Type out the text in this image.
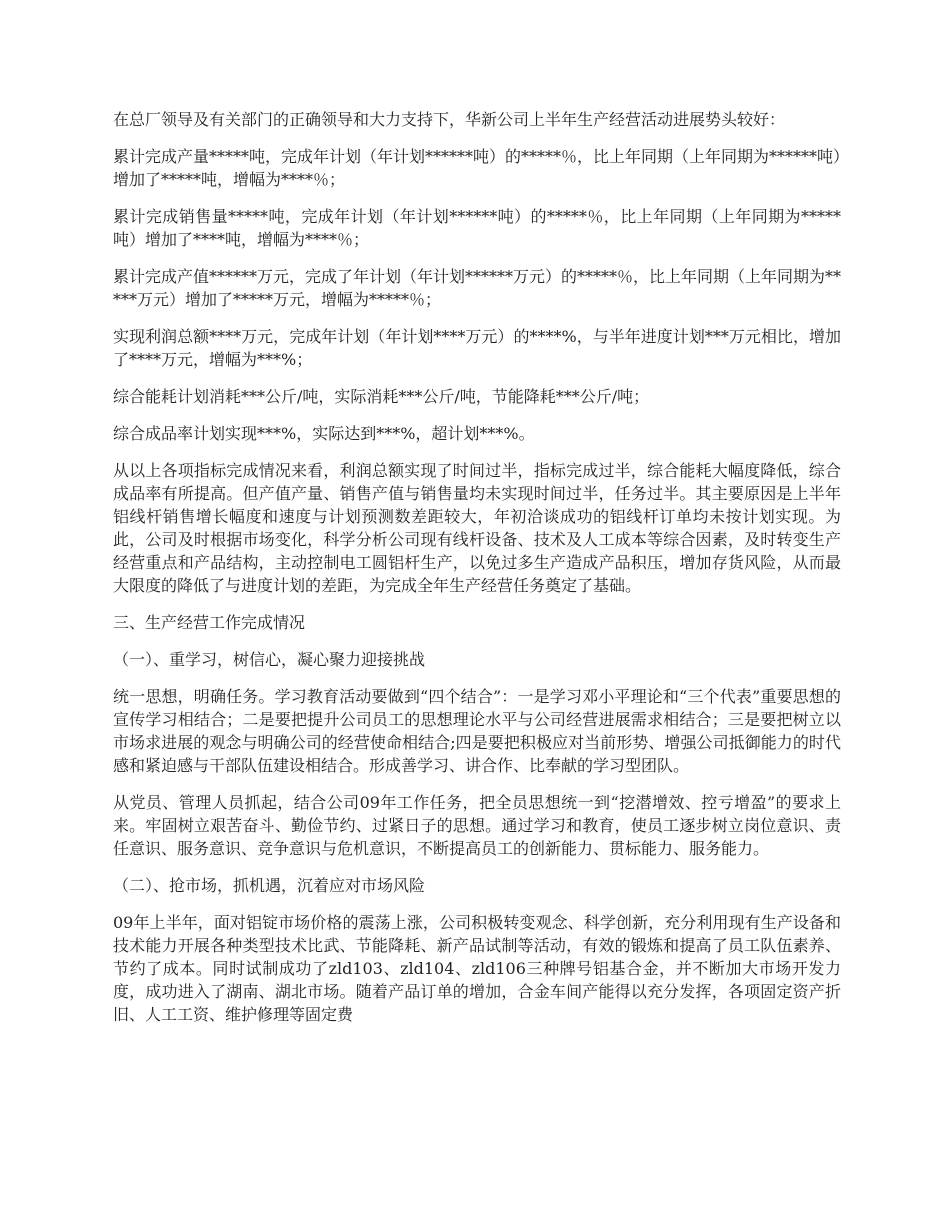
在总厂领导及有关部门的正确领导和大力支持下，华新公司上半年生产经营活动进展势头较好：

累计完成产量*****吨，完成年计划（年计划******吨）的*****％，比上年同期（上年同期为******吨）增加了*****吨，增幅为****％；

累计完成销售量*****吨，完成年计划（年计划******吨）的*****％，比上年同期（上年同期为*****吨）增加了****吨，增幅为****％；

累计完成产值******万元，完成了年计划（年计划******万元）的*****％，比上年同期（上年同期为*****万元）增加了*****万元，增幅为*****％；

实现利润总额****万元，完成年计划（年计划****万元）的****%，与半年进度计划***万元相比，增加了****万元，增幅为***%；

综合能耗计划消耗***公斤/吨，实际消耗***公斤/吨，节能降耗***公斤/吨；

综合成品率计划实现***%，实际达到***%，超计划***%。

从以上各项指标完成情况来看，利润总额实现了时间过半，指标完成过半，综合能耗大幅度降低，综合成品率有所提高。但产值产量、销售产值与销售量均未实现时间过半，任务过半。其主要原因是上半年铝线杆销售增长幅度和速度与计划预测数差距较大，年初洽谈成功的铝线杆订单均未按计划实现。为此，公司及时根据市场变化，科学分析公司现有线杆设备、技术及人工成本等综合因素，及时转变生产经营重点和产品结构，主动控制电工圆铝杆生产，以免过多生产造成产品积压，增加存货风险，从而最大限度的降低了与进度计划的差距，为完成全年生产经营任务奠定了基础。

三、生产经营工作完成情况

（一）、重学习，树信心，凝心聚力迎接挑战

统一思想，明确任务。学习教育活动要做到“四个结合”：一是学习邓小平理论和“三个代表”重要思想的宣传学习相结合；二是要把提升公司员工的思想理论水平与公司经营进展需求相结合；三是要把树立以市场求进展的观念与明确公司的经营使命相结合;四是要把积极应对当前形势、增强公司抵御能力的时代感和紧迫感与干部队伍建设相结合。形成善学习、讲合作、比奉献的学习型团队。

从党员、管理人员抓起，结合公司09年工作任务，把全员思想统一到“挖潜增效、控亏增盈”的要求上来。牢固树立艰苦奋斗、勤俭节约、过紧日子的思想。通过学习和教育，使员工逐步树立岗位意识、责任意识、服务意识、竞争意识与危机意识，不断提高员工的创新能力、贯标能力、服务能力。

（二）、抢市场，抓机遇，沉着应对市场风险

09年上半年，面对铝锭市场价格的震荡上涨，公司积极转变观念、科学创新，充分利用现有生产设备和技术能力开展各种类型技术比武、节能降耗、新产品试制等活动，有效的锻炼和提高了员工队伍素养、节约了成本。同时试制成功了zld103、zld104、zld106三种牌号铝基合金，并不断加大市场开发力度，成功进入了湖南、湖北市场。随着产品订单的增加，合金车间产能得以充分发挥，各项固定资产折旧、人工工资、维护修理等固定费
